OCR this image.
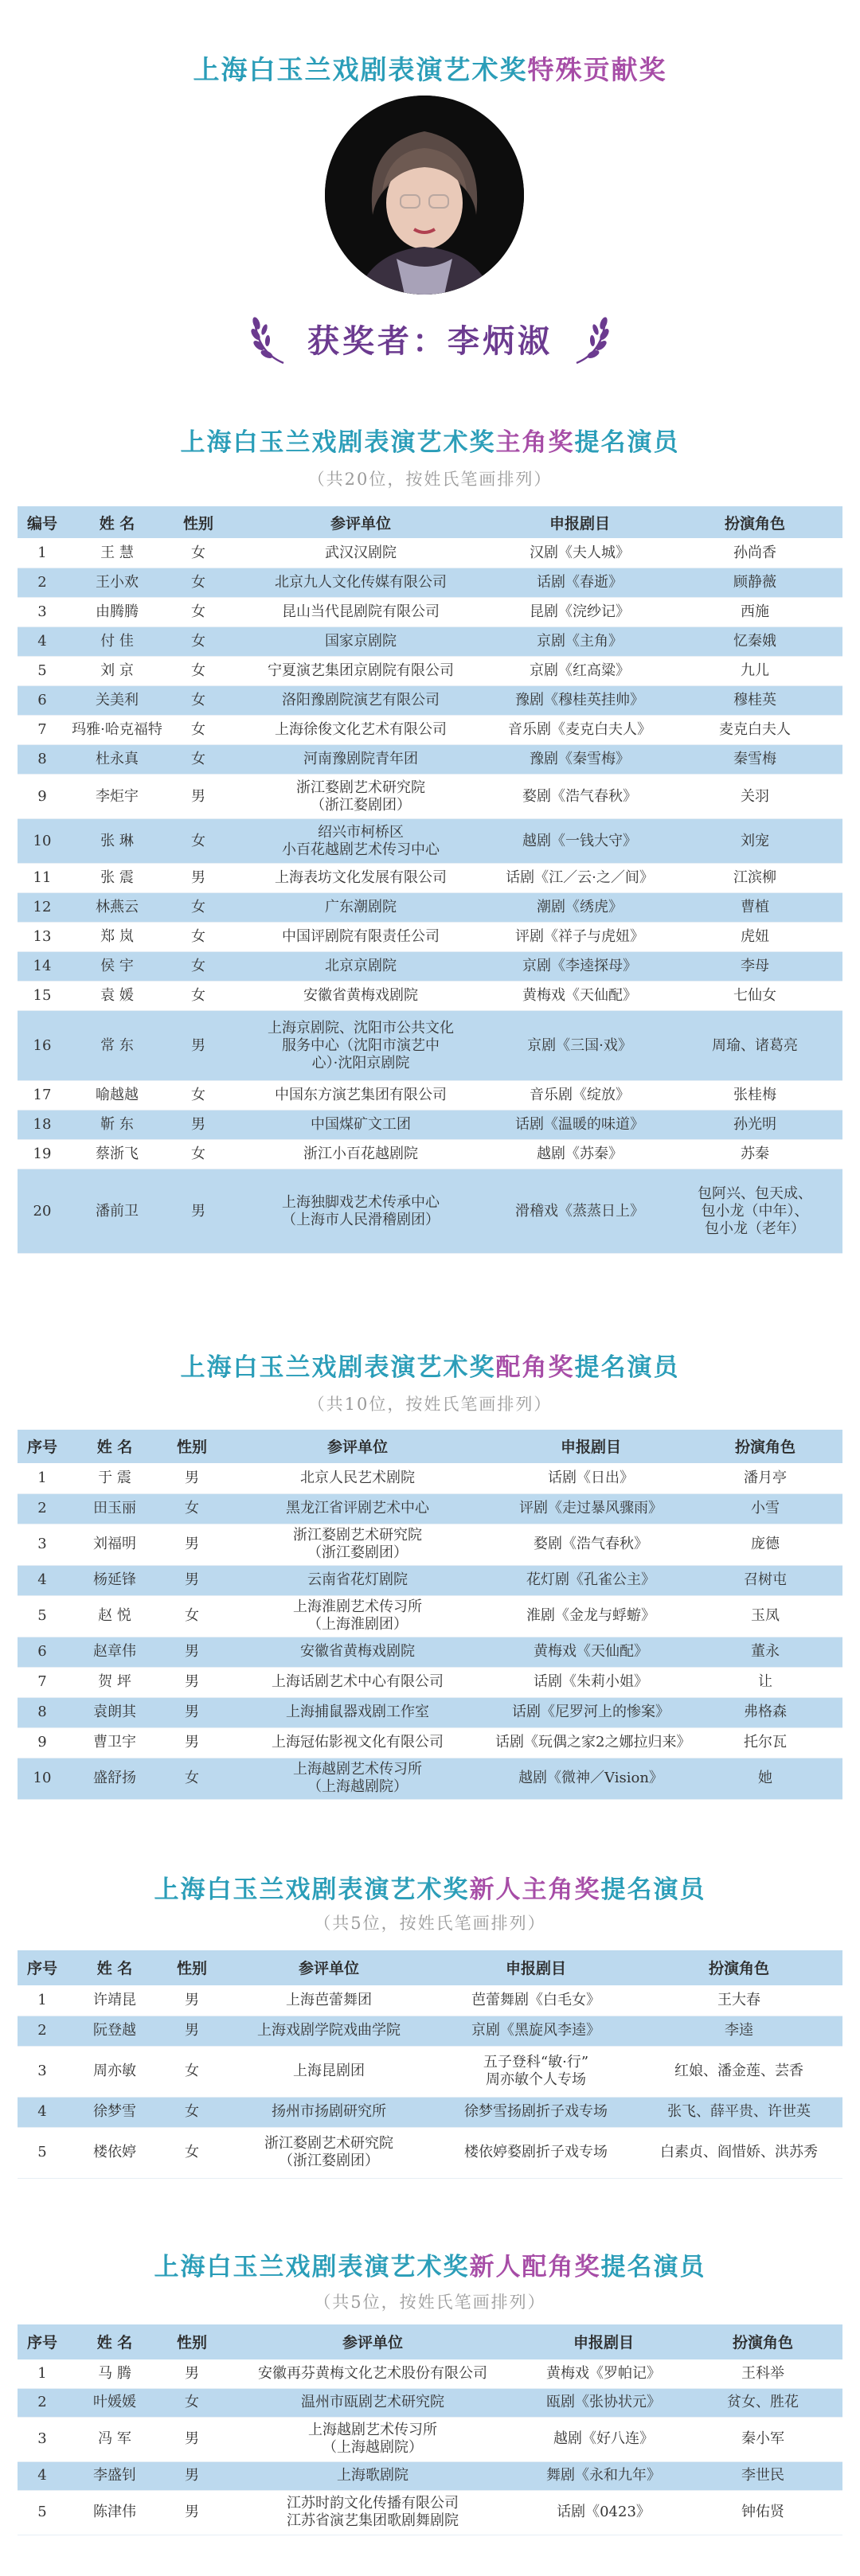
上海白玉兰戏剧表演艺术奖特殊贡献奖
获奖者：李炳淑
上海白玉兰戏剧表演艺术奖主角奖提名演员
（共20位，按姓氏笔画排列）
编号	姓 名	性别	参评单位	申报剧目	扮演角色
1	王 慧	女	武汉汉剧院	汉剧《夫人城》	孙尚香
2	王小欢	女	北京九人文化传媒有限公司	话剧《春逝》	顾静薇
3	由腾腾	女	昆山当代昆剧院有限公司	昆剧《浣纱记》	西施
4	付 佳	女	国家京剧院	京剧《主角》	忆秦娥
5	刘 京	女	宁夏演艺集团京剧院有限公司	京剧《红高粱》	九儿
6	关美利	女	洛阳豫剧院演艺有限公司	豫剧《穆桂英挂帅》	穆桂英
7	玛雅·哈克福特	女	上海徐俊文化艺术有限公司	音乐剧《麦克白夫人》	麦克白夫人
8	杜永真	女	河南豫剧院青年团	豫剧《秦雪梅》	秦雪梅
9	李炬宇	男	浙江婺剧艺术研究院
（浙江婺剧团）	婺剧《浩气春秋》	关羽
10	张 琳	女	绍兴市柯桥区
小百花越剧艺术传习中心	越剧《一钱大守》	刘宠
11	张 震	男	上海表坊文化发展有限公司	话剧《江／云·之／间》	江滨柳
12	林燕云	女	广东潮剧院	潮剧《绣虎》	曹植
13	郑 岚	女	中国评剧院有限责任公司	评剧《祥子与虎妞》	虎妞
14	侯 宇	女	北京京剧院	京剧《李逵探母》	李母
15	袁 媛	女	安徽省黄梅戏剧院	黄梅戏《天仙配》	七仙女
16	常 东	男	上海京剧院、沈阳市公共文化
服务中心（沈阳市演艺中
心）·沈阳京剧院	京剧《三国·戏》	周瑜、诸葛亮
17	喻越越	女	中国东方演艺集团有限公司	音乐剧《绽放》	张桂梅
18	靳 东	男	中国煤矿文工团	话剧《温暖的味道》	孙光明
19	蔡浙飞	女	浙江小百花越剧院	越剧《苏秦》	苏秦
20	潘前卫	男	上海独脚戏艺术传承中心
（上海市人民滑稽剧团）	滑稽戏《蒸蒸日上》	包阿兴、包天成、
包小龙（中年）、
包小龙（老年）
上海白玉兰戏剧表演艺术奖配角奖提名演员
（共10位，按姓氏笔画排列）
序号	姓 名	性别	参评单位	申报剧目	扮演角色
1	于 震	男	北京人民艺术剧院	话剧《日出》	潘月亭
2	田玉丽	女	黑龙江省评剧艺术中心	评剧《走过暴风骤雨》	小雪
3	刘福明	男	浙江婺剧艺术研究院
（浙江婺剧团）	婺剧《浩气春秋》	庞德
4	杨延锋	男	云南省花灯剧院	花灯剧《孔雀公主》	召树屯
5	赵 悦	女	上海淮剧艺术传习所
（上海淮剧团）	淮剧《金龙与蜉蝣》	玉凤
6	赵章伟	男	安徽省黄梅戏剧院	黄梅戏《天仙配》	董永
7	贺 坪	男	上海话剧艺术中心有限公司	话剧《朱莉小姐》	让
8	袁朗其	男	上海捕鼠器戏剧工作室	话剧《尼罗河上的惨案》	弗格森
9	曹卫宇	男	上海冠佑影视文化有限公司	话剧《玩偶之家2之娜拉归来》	托尔瓦
10	盛舒扬	女	上海越剧艺术传习所
（上海越剧院）	越剧《微神／Vision》	她
上海白玉兰戏剧表演艺术奖新人主角奖提名演员
（共5位，按姓氏笔画排列）
序号	姓 名	性别	参评单位	申报剧目	扮演角色
1	许靖昆	男	上海芭蕾舞团	芭蕾舞剧《白毛女》	王大春
2	阮登越	男	上海戏剧学院戏曲学院	京剧《黑旋风李逵》	李逵
3	周亦敏	女	上海昆剧团	五子登科“敏·行”
周亦敏个人专场	红娘、潘金莲、芸香
4	徐梦雪	女	扬州市扬剧研究所	徐梦雪扬剧折子戏专场	张飞、薛平贵、许世英
5	楼依婷	女	浙江婺剧艺术研究院
（浙江婺剧团）	楼依婷婺剧折子戏专场	白素贞、阎惜娇、洪苏秀
上海白玉兰戏剧表演艺术奖新人配角奖提名演员
（共5位，按姓氏笔画排列）
序号	姓 名	性别	参评单位	申报剧目	扮演角色
1	马 腾	男	安徽再芬黄梅文化艺术股份有限公司	黄梅戏《罗帕记》	王科举
2	叶媛媛	女	温州市瓯剧艺术研究院	瓯剧《张协状元》	贫女、胜花
3	冯 军	男	上海越剧艺术传习所
（上海越剧院）	越剧《好八连》	秦小军
4	李盛钊	男	上海歌剧院	舞剧《永和九年》	李世民
5	陈津伟	男	江苏时韵文化传播有限公司
江苏省演艺集团歌剧舞剧院	话剧《0423》	钟佑贤
